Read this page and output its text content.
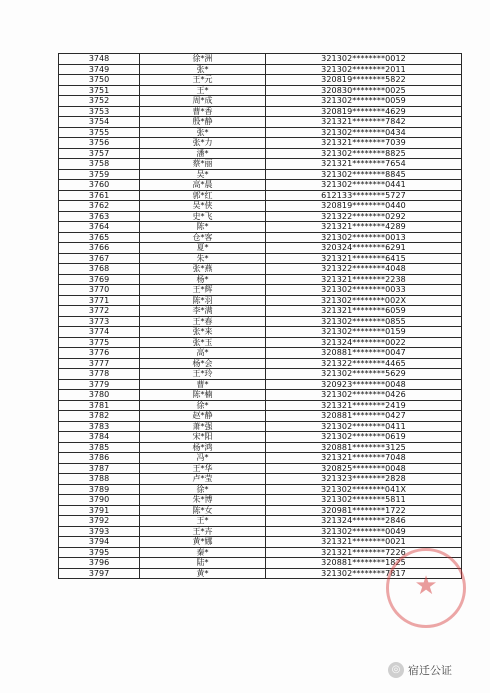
3748	徐*洲	321302********0012
3749	张*	321302********2011
3750	王*元	320819********5822
3751	王*	320830********0025
3752	周*成	321302********0059
3753	曹*香	320819********4629
3754	殷*静	321321********7842
3755	张*	321302********0434
3756	张*力	321321********7039
3757	潘*	321302********8825
3758	蔡*丽	321321********7654
3759	吴*	321302********8845
3760	高*晨	321302********0441
3761	郭*红	612133********5727
3762	吴*侠	320819********0440
3763	史*飞	321322********0292
3764	陈*	321321********4289
3765	仓*客	321302********0013
3766	夏*	320324********6291
3767	朱*	321321********6415
3768	张*燕	321322********4048
3769	杨*	321321********2238
3770	王*辉	321302********0033
3771	陈*羽	321302********002X
3772	李*满	321321********6059
3773	王*春	321302********0855
3774	张*来	321302********0159
3775	张*玉	321324********0022
3776	高*	320881********0047
3777	杨*会	321322********4465
3778	王*玲	321302********5629
3779	曹*	320923********0048
3780	陈*楠	321302********0426
3781	徐*	321321********2419
3782	赵*静	320881********0427
3783	萧*强	321302********0411
3784	宋*阳	321302********0619
3785	杨*鸿	320881********3125
3786	冯*	321321********7048
3787	王*华	320825********0048
3788	卢*莹	321323********2828
3789	徐*	321302********041X
3790	朱*博	321302********5811
3791	陈*女	320981********1722
3792	王*	321324********2846
3793	王*卉	321302********0049
3794	黄*娜	321321********0021
3795	秦*	321321********7226
3796	陆*	320881********1825
3797	黄*	321302********7817 ★
◎ 宿迁公证
